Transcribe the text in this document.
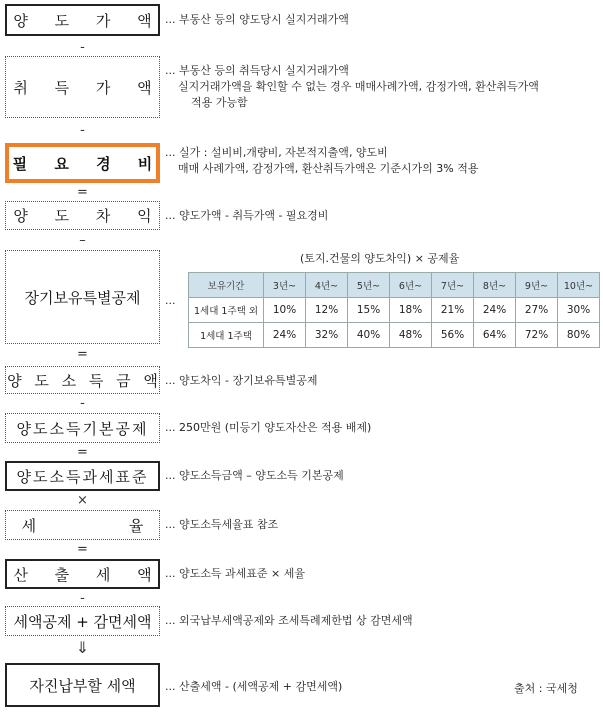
양 도 가 액
-
취 득 가 액
-
필 요 경 비
=
양 도 차 익
–
장기보유특별공제
=
양 도 소 득 금 액
-
양도소득기본공제
=
양도소득과세표준
×
세 율
=
산 출 세 액
-
세액공제 + 감면세액
⇓
자진납부할 세액
... 부동산 등의 양도당시 실지거래가액
... 부동산 등의 취득당시 실지거래가액
실지거래가액을 확인할 수 없는 경우 매매사례가액, 감정가액, 환산취득가액
적용 가능함
... 실가 : 설비비,개량비, 자본적지출액, 양도비
매매 사례가액, 감정가액, 환산취득가액은 기준시가의 3% 적용
... 양도가액 - 취득가액 - 필요경비
...
... 양도차익 - 장기보유특별공제
... 250만원 (미등기 양도자산은 적용 배제)
... 양도소득금액 – 양도소득 기본공제
... 양도소득세율표 참조
... 양도소득 과세표준 × 세율
... 외국납부세액공제와 조세특례제한법 상 감면세액
... 산출세액 - (세액공제 + 감면세액)
(토지.건물의 양도차익) × 공제율
보유기간	3년~	4년~	5년~	6년~	7년~	8년~	9년~	10년~
1세대 1주택 외	10%	12%	15%	18%	21%	24%	27%	30%
1세대 1주택	24%	32%	40%	48%	56%	64%	72%	80%
출처 : 국세청
